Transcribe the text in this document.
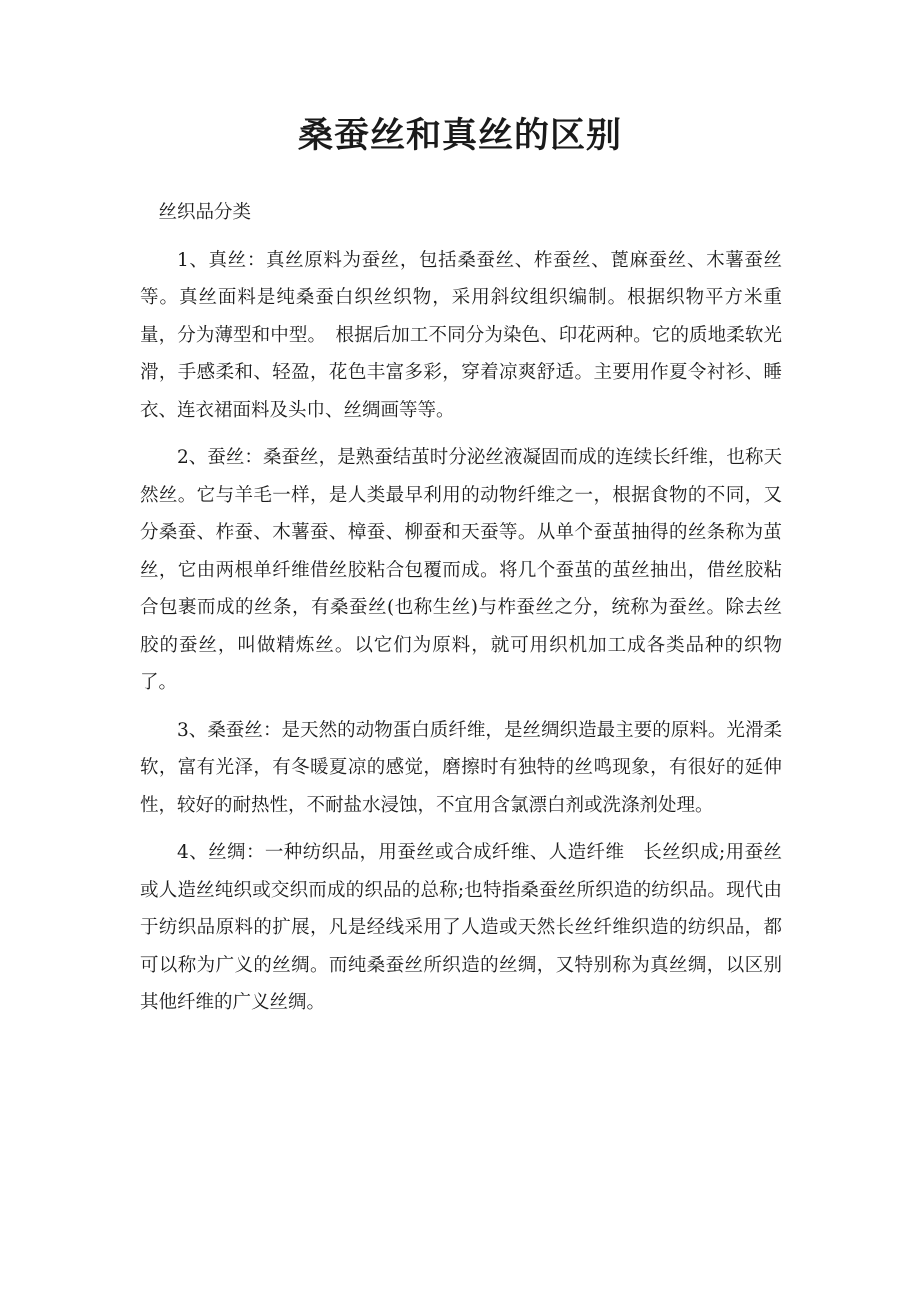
桑蚕丝和真丝的区别

丝织品分类

1、真丝：真丝原料为蚕丝，包括桑蚕丝、柞蚕丝、蓖麻蚕丝、木薯蚕丝等。真丝面料是纯桑蚕白织丝织物，采用斜纹组织编制。根据织物平方米重量，分为薄型和中型。　根据后加工不同分为染色、印花两种。它的质地柔软光滑，手感柔和、轻盈，花色丰富多彩，穿着凉爽舒适。主要用作夏令衬衫、睡衣、连衣裙面料及头巾、丝绸画等等。

2、蚕丝：桑蚕丝，是熟蚕结茧时分泌丝液凝固而成的连续长纤维，也称天然丝。它与羊毛一样，是人类最早利用的动物纤维之一，根据食物的不同，又分桑蚕、柞蚕、木薯蚕、樟蚕、柳蚕和天蚕等。从单个蚕茧抽得的丝条称为茧丝，它由两根单纤维借丝胶粘合包覆而成。将几个蚕茧的茧丝抽出，借丝胶粘合包裹而成的丝条，有桑蚕丝(也称生丝)与柞蚕丝之分，统称为蚕丝。除去丝胶的蚕丝，叫做精炼丝。以它们为原料，就可用织机加工成各类品种的织物了。

3、桑蚕丝：是天然的动物蛋白质纤维，是丝绸织造最主要的原料。光滑柔软，富有光泽，有冬暖夏凉的感觉，磨擦时有独特的丝鸣现象，有很好的延伸性，较好的耐热性，不耐盐水浸蚀，不宜用含氯漂白剂或洗涤剂处理。

4、丝绸：一种纺织品，用蚕丝或合成纤维、人造纤维　长丝织成;用蚕丝或人造丝纯织或交织而成的织品的总称;也特指桑蚕丝所织造的纺织品。现代由于纺织品原料的扩展，凡是经线采用了人造或天然长丝纤维织造的纺织品，都可以称为广义的丝绸。而纯桑蚕丝所织造的丝绸，又特别称为真丝绸，以区别其他纤维的广义丝绸。
